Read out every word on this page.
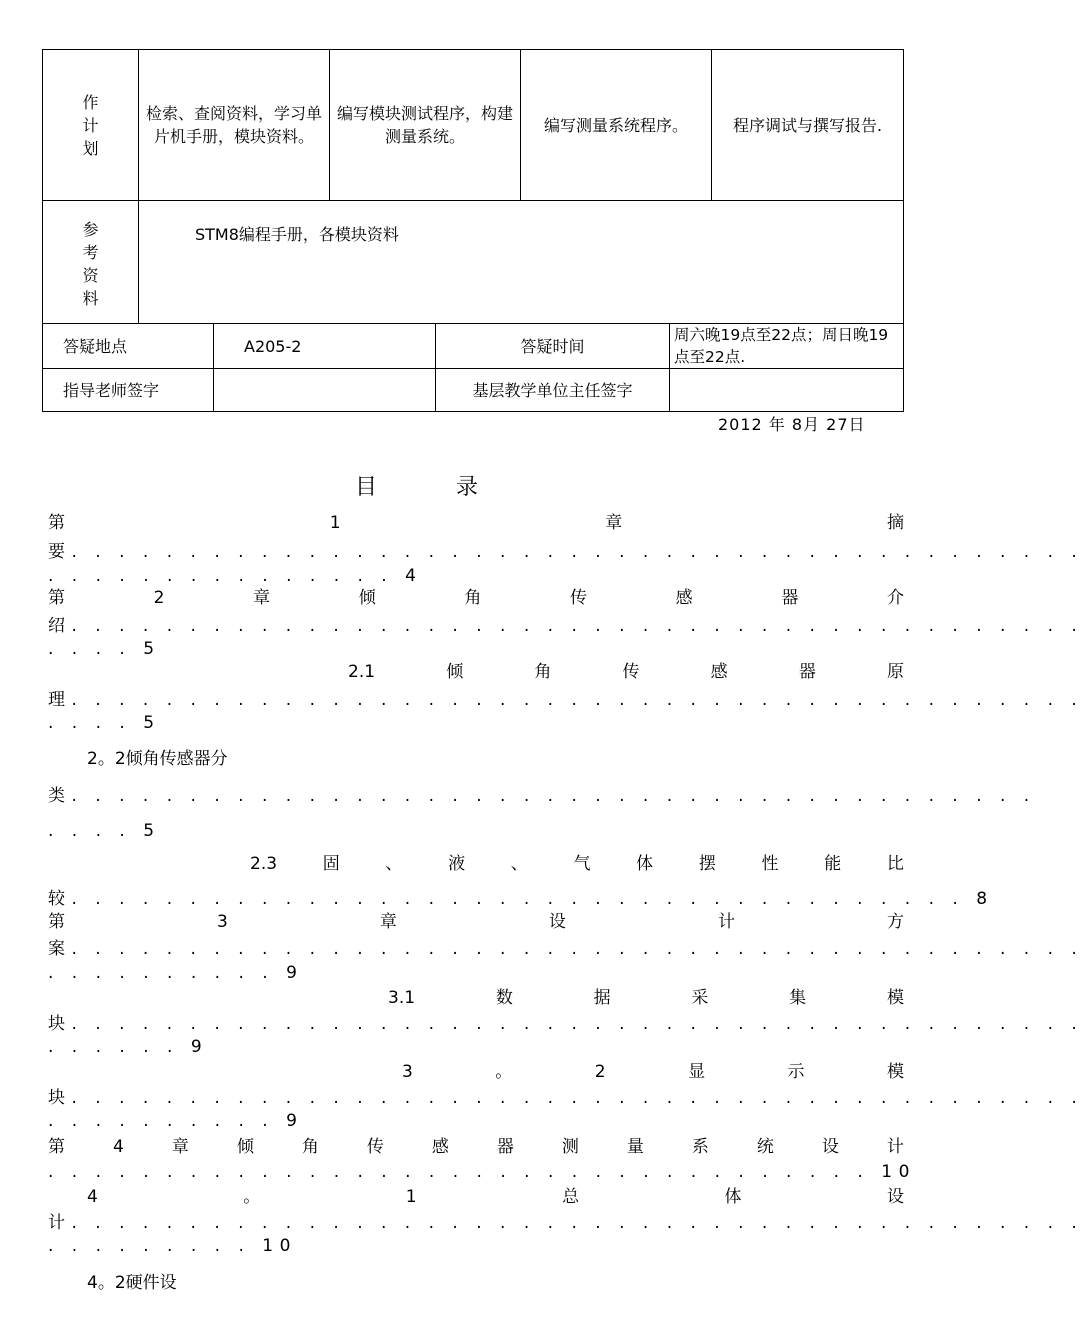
作
计
划	检索、查阅资料，学习单片机手册，模块资料。	编写模块测试程序，构建测量系统。	编写测量系统程序。	程序调试与撰写报告.

参
考
资
料	STM8编程手册，各模块资料			
答疑地点	A205-2	答疑时间	周六晚19点至22点；周日晚19点至22点.
指导老师签字		基层教学单位主任签字	
2012 年 8月 27日
目 录
第	1	章	摘
要. . . . . . . . . . . . . . . . . . . . . . . . . . . . . . . . . . . . . . . . . . .
. . . . . . . . . . . . . . . 4
第	2	章	倾	角	传	感	器	介
绍. . . . . . . . . . . . . . . . . . . . . . . . . . . . . . . . . . . . . . . . . . .
. . . . 5
2.1	倾	角	传	感	器	原
理. . . . . . . . . . . . . . . . . . . . . . . . . . . . . . . . . . . . . . . . . . .
. . . . 5
2。2倾角传感器分
类. . . . . . . . . . . . . . . . . . . . . . . . . . . . . . . . . . . . . . . . .
. . . . 5
2.3	固	、	液	、	气	体	摆	性	能	比
较. . . . . . . . . . . . . . . . . . . . . . . . . . . . . . . . . . . . . . 8
第	3	章	设	计	方
案. . . . . . . . . . . . . . . . . . . . . . . . . . . . . . . . . . . . . . . . . . .
. . . . . . . . . . 9
3.1	数	据	采	集	模
块. . . . . . . . . . . . . . . . . . . . . . . . . . . . . . . . . . . . . . . . . . .
. . . . . . 9
3	。	2	显	示	模
块. . . . . . . . . . . . . . . . . . . . . . . . . . . . . . . . . . . . . . . . . . .
. . . . . . . . . . 9
第	4	章	倾	角	传	感	器	测	量	系	统	设	计
. . . . . . . . . . . . . . . . . . . . . . . . . . . . . . . . . . . 10
4	。	1	总	体	设
计. . . . . . . . . . . . . . . . . . . . . . . . . . . . . . . . . . . . . . . . . . .
. . . . . . . . . 10
4。2硬件设
